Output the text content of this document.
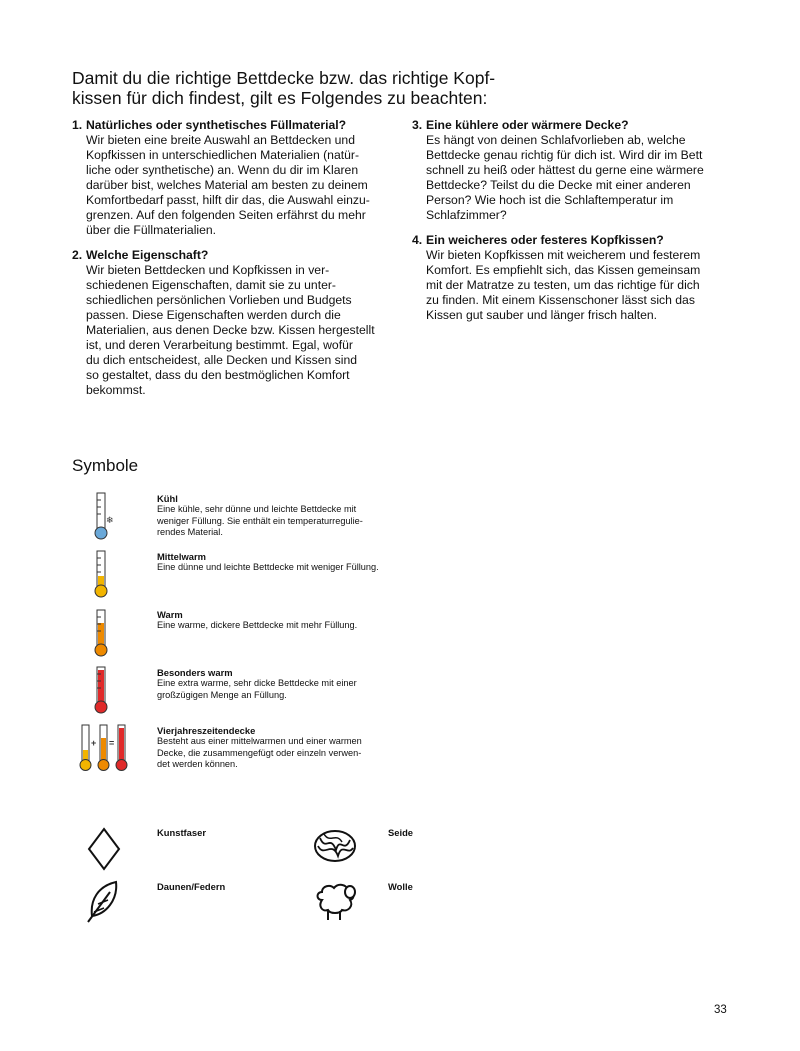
Damit du die richtige Bettdecke bzw. das richtige Kopf-
kissen für dich findest, gilt es Folgendes zu beachten:
1. Natürliches oder synthetisches Füllmaterial?
Wir bieten eine breite Auswahl an Bettdecken und
Kopfkissen in unterschiedlichen Materialien (natür-
liche oder synthetische) an. Wenn du dir im Klaren
darüber bist, welches Material am besten zu deinem
Komfortbedarf passt, hilft dir das, die Auswahl einzu-
grenzen. Auf den folgenden Seiten erfährst du mehr
über die Füllmaterialien.
2. Welche Eigenschaft?
Wir bieten Bettdecken und Kopfkissen in ver-
schiedenen Eigenschaften, damit sie zu unter-
schiedlichen persönlichen Vorlieben und Budgets
passen. Diese Eigenschaften werden durch die
Materialien, aus denen Decke bzw. Kissen hergestellt
ist, und deren Verarbeitung bestimmt. Egal, wofür
du dich entscheidest, alle Decken und Kissen sind
so gestaltet, dass du den bestmöglichen Komfort
bekommst.
3. Eine kühlere oder wärmere Decke?
Es hängt von deinen Schlafvorlieben ab, welche
Bettdecke genau richtig für dich ist. Wird dir im Bett
schnell zu heiß oder hättest du gerne eine wärmere
Bettdecke? Teilst du die Decke mit einer anderen
Person? Wie hoch ist die Schlaftemperatur im
Schlafzimmer?
4. Ein weicheres oder festeres Kopfkissen?
Wir bieten Kopfkissen mit weicherem und festerem
Komfort. Es empfiehlt sich, das Kissen gemeinsam
mit der Matratze zu testen, um das richtige für dich
zu finden. Mit einem Kissenschoner lässt sich das
Kissen gut sauber und länger frisch halten.
Symbole
❄
+ =
Kühl
Eine kühle, sehr dünne und leichte Bettdecke mit
weniger Füllung. Sie enthält ein temperaturregulie-
rendes Material.
Mittelwarm
Eine dünne und leichte Bettdecke mit weniger Füllung.
Warm
Eine warme, dickere Bettdecke mit mehr Füllung.
Besonders warm
Eine extra warme, sehr dicke Bettdecke mit einer
großzügigen Menge an Füllung.
Vierjahreszeitendecke
Besteht aus einer mittelwarmen und einer warmen
Decke, die zusammengefügt oder einzeln verwen-
det werden können.
Kunstfaser	Seide
Daunen/Federn	Wolle
33
